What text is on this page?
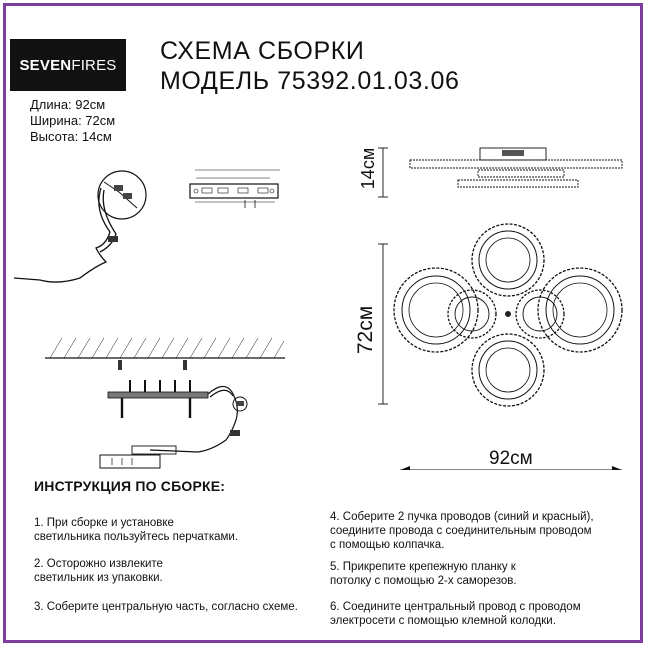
SEVEN FIRES СХЕМА СБОРКИ
МОДЕЛЬ 75392.01.03.06
Длина: 92см
Ширина: 72см
Высота: 14см
14см
72см
92см
ИНСТРУКЦИЯ ПО СБОРКЕ:
1. При сборке и установке
светильника пользуйтесь перчатками.
2. Осторожно извлеките
светильник из упаковки.
3. Соберите центральную часть, согласно схеме.
4. Соберите 2 пучка проводов (синий и красный),
соедините провода с соединительным проводом
с помощью колпачка.
5. Прикрепите крепежную планку к
потолку с помощью 2-х саморезов.
6. Соедините центральный провод с проводом
электросети с помощью клемной колодки.
